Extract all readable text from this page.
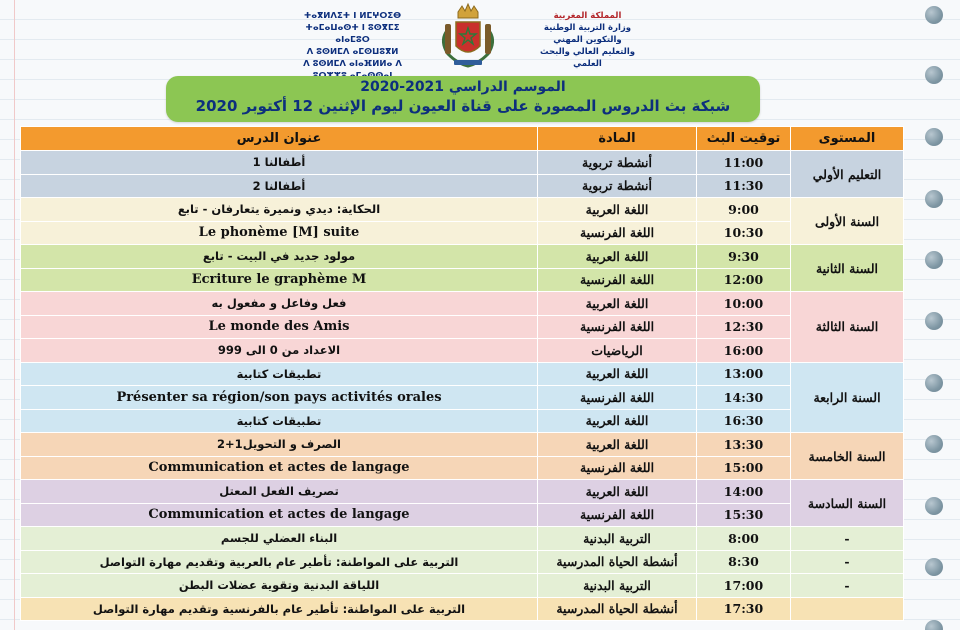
ⵜⴰⴳⵍⴷⵉⵜ ⵏ ⵍⵎⵖⵔⵉⴱ
ⵜⴰⵎⴰⵡⴰⵙⵜ ⵏ ⵓⵙⴳⵎⵉ ⴰⵏⴰⵎⵓⵔ
ⴷ ⵓⵙⵍⵎⴷ ⴰⵎⵙⵡⵓⴳⵍ
ⴷ ⵓⵙⵍⵎⴷ ⴰⵏⴰⴼⵍⵍⴰ ⴷ
المملكة المغربية
وزارة التربية الوطنية
والتكوين المهني
والتعليم العالي والبحث العلمي
الموسم الدراسي 2021-2020
شبكة بث الدروس المصورة على قناة العيون ليوم الإثنين 12 أكتوبر 2020
المستوى	توقيت البث	المادة	عنوان الدرس
التعليم الأولي	11:00	أنشطة تربوية	أطفالنا 1
	11:30	أنشطة تربوية	أطفالنا 2
السنة الأولى	9:00	اللغة العربية	الحكاية: ديدي ونميرة يتعارفان - تابع
	10:30	اللغة الفرنسية	Le phonème [M] suite
السنة الثانية	9:30	اللغة العربية	مولود جديد في البيت - تابع
	12:00	اللغة الفرنسية	Ecriture le graphème M
السنة الثالثة	10:00	اللغة العربية	فعل وفاعل و مفعول به
	12:30	اللغة الفرنسية	Le monde des Amis
	16:00	الرياضيات	الاعداد من 0 الى 999
السنة الرابعة	13:00	اللغة العربية	تطبيقات كتابية
	14:30	اللغة الفرنسية	Présenter sa région/son pays activités orales
	16:30	اللغة العربية	تطبيقات كتابية
السنة الخامسة	13:30	اللغة العربية	الصرف و التحويل1+2
	15:00	اللغة الفرنسية	Communication et actes de langage
السنة السادسة	14:00	اللغة العربية	تصريف الفعل المعتل
	15:30	اللغة الفرنسية	Communication et actes de langage
-	8:00	التربية البدنية	البناء العضلي للجسم
-	8:30	أنشطة الحياة المدرسية	التربية على المواطنة: تأطير عام بالعربية وتقديم مهارة التواصل
-	17:00	التربية البدنية	اللياقة البدنية وتقوية عضلات البطن
	17:30	أنشطة الحياة المدرسية	التربية على المواطنة: تأطير عام بالفرنسية وتقديم مهارة التواصل
